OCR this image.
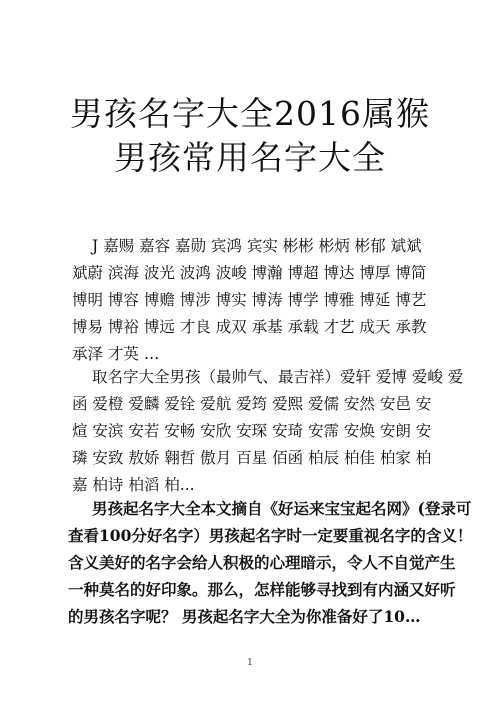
男孩名字大全2016属猴
男孩常用名字大全
J 嘉赐 嘉容 嘉勋 宾鸿 宾实 彬彬 彬炳 彬郁 斌斌
斌蔚 滨海 波光 波鸿 波峻 博瀚 博超 博达 博厚 博简
博明 博容 博赡 博涉 博实 博涛 博学 博雅 博延 博艺
博易 博裕 博远 才良 成双 承基 承载 才艺 成天 承教
承泽 才英 …
取名字大全男孩（最帅气、最吉祥）爱轩 爱博 爱峻 爱
函 爱橙 爱麟 爱铨 爱航 爱筠 爱熙 爱儒 安然 安邑 安
煊 安滨 安若 安畅 安欣 安琛 安琦 安霈 安焕 安朗 安
璘 安致 敖娇 翱哲 傲月 百星 佰函 柏辰 柏佳 柏家 柏
嘉 柏诗 柏滔 柏...
男孩起名字大全本文摘自《好运来宝宝起名网》(登录可
查看100分好名字）男孩起名字时一定要重视名字的含义！
含义美好的名字会给人积极的心理暗示，令人不自觉产生
一种莫名的好印象。那么，怎样能够寻找到有内涵又好听
的男孩名字呢？ 男孩起名字大全为你准备好了10…
1
